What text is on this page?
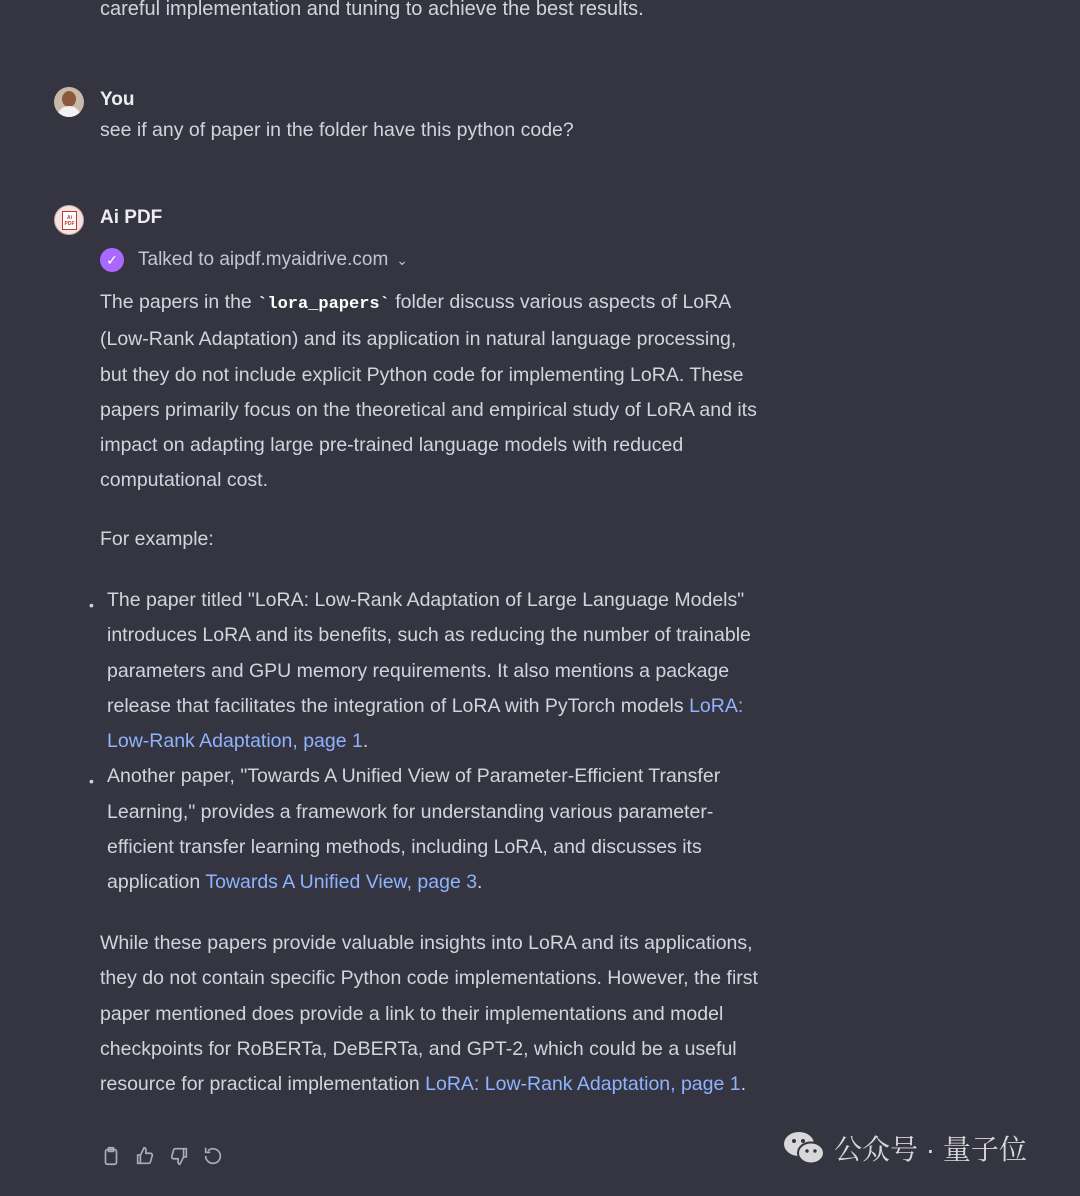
careful implementation and tuning to achieve the best results.
You
see if any of paper in the folder have this python code?
Ai
PDF Ai PDF
✓	Talked to aipdf.myaidrive.com ⌄
The papers in the `lora_papers` folder discuss various aspects of LoRA (Low-Rank Adaptation) and its application in natural language processing, but they do not include explicit Python code for implementing LoRA. These papers primarily focus on the theoretical and empirical study of LoRA and its impact on adapting large pre-trained language models with reduced computational cost.
For example:
• The paper titled "LoRA: Low-Rank Adaptation of Large Language Models" introduces LoRA and its benefits, such as reducing the number of trainable parameters and GPU memory requirements. It also mentions a package release that facilitates the integration of LoRA with PyTorch models LoRA: Low-Rank Adaptation, page 1.
• Another paper, "Towards A Unified View of Parameter-Efficient Transfer Learning," provides a framework for understanding various parameter-efficient transfer learning methods, including LoRA, and discusses its application Towards A Unified View, page 3.
While these papers provide valuable insights into LoRA and its applications, they do not contain specific Python code implementations. However, the first paper mentioned does provide a link to their implementations and model checkpoints for RoBERTa, DeBERTa, and GPT-2, which could be a useful resource for practical implementation LoRA: Low-Rank Adaptation, page 1.
公众号 · 量子位
